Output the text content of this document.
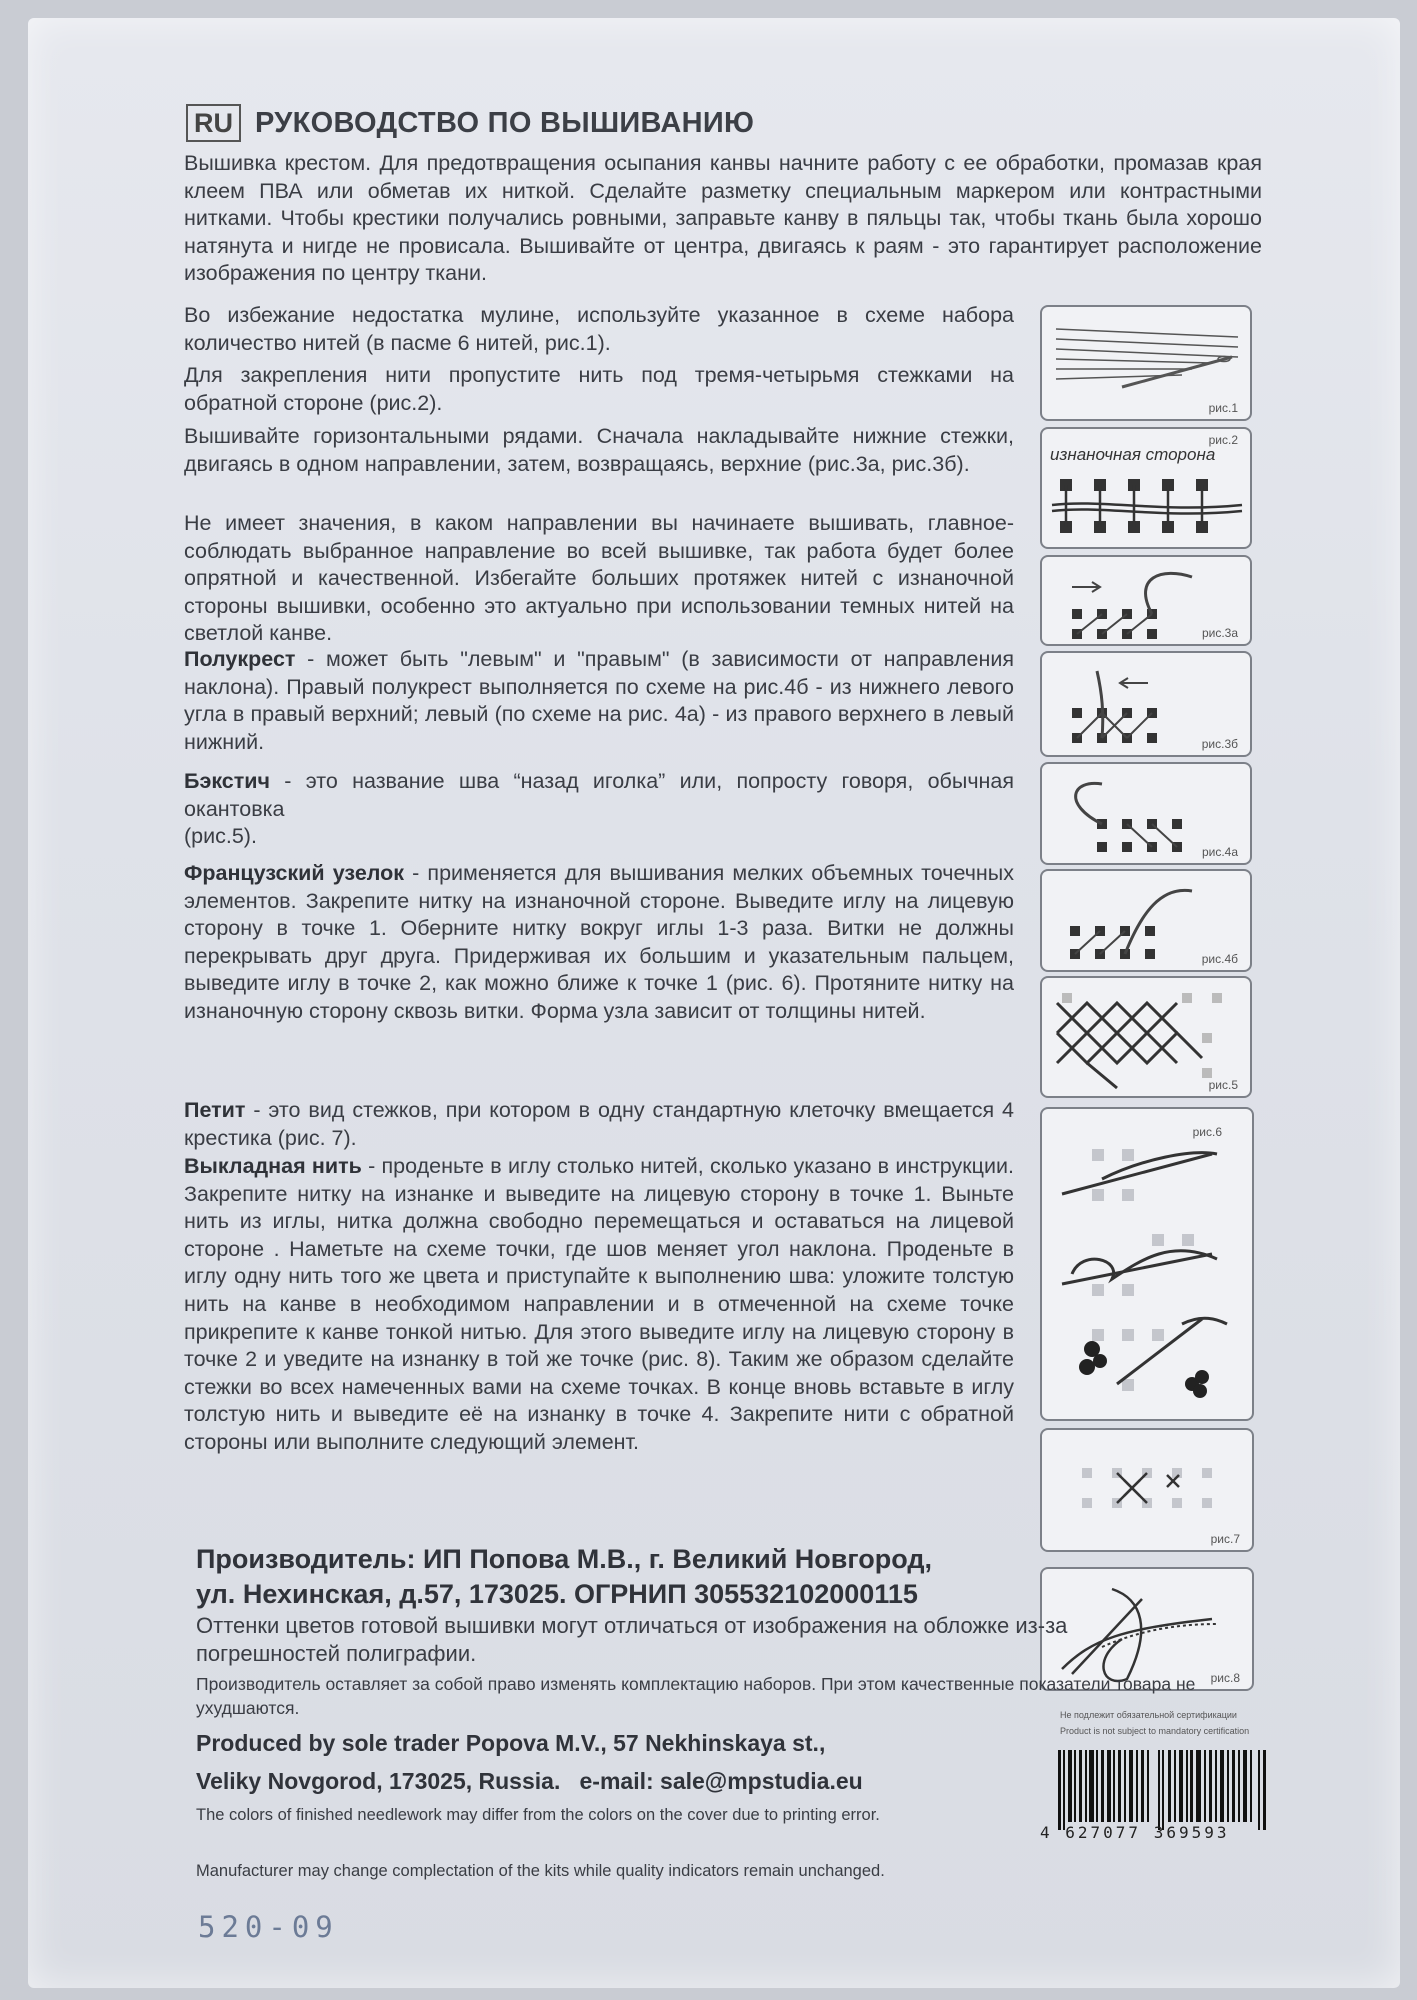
RU РУКОВОДСТВО ПО ВЫШИВАНИЮ

Вышивка крестом. Для предотвращения осыпания канвы начните работу с ее обработки, промазав края клеем ПВА или обметав их ниткой. Сделайте разметку специальным маркером или контрастными нитками. Чтобы крестики получались ровными, заправьте канву в пяльцы так, чтобы ткань была хорошо натянута и нигде не провисала. Вышивайте от центра, двигаясь к раям - это гарантирует расположение изображения по центру ткани.

Во избежание недостатка мулине, используйте указанное в схеме набора количество нитей (в пасме 6 нитей, рис.1).

Для закрепления нити пропустите нить под тремя-четырьмя стежками на обратной стороне (рис.2).

Вышивайте горизонтальными рядами. Сначала накладывайте нижние стежки, двигаясь в одном направлении, затем, возвращаясь, верхние (рис.3а, рис.3б).

Не имеет значения, в каком направлении вы начинаете вышивать, главное-соблюдать выбранное направление во всей вышивке, так работа будет более опрятной и качественной. Избегайте больших протяжек нитей с изнаночной стороны вышивки, особенно это актуально при использовании темных нитей на светлой канве.

Полукрест - может быть "левым" и "правым" (в зависимости от направления наклона). Правый полукрест выполняется по схеме на рис.4б - из нижнего левого угла в правый верхний; левый (по схеме на рис. 4а) - из правого верхнего в левый нижний.

Бэкстич - это название шва “назад иголка” или, попросту говоря, обычная окантовка
(рис.5).

Французский узелок - применяется для вышивания мелких объемных точечных элементов. Закрепите нитку на изнаночной стороне. Выведите иглу на лицевую сторону в точке 1. Оберните нитку вокруг иглы 1-3 раза. Витки не должны перекрывать друг друга. Придерживая их большим и указательным пальцем, выведите иглу в точке 2, как можно ближе к точке 1 (рис. 6). Протяните нитку на изнаночную сторону сквозь витки. Форма узла зависит от толщины нитей.

Петит - это вид стежков, при котором в одну стандартную клеточку вмещается 4 крестика (рис. 7).

Выкладная нить - проденьте в иглу столько нитей, сколько указано в инструкции. Закрепите нитку на изнанке и выведите на лицевую сторону в точке 1. Выньте нить из иглы, нитка должна свободно перемещаться и оставаться на лицевой стороне . Наметьте на схеме точки, где шов меняет угол наклона. Проденьте в иглу одну нить того же цвета и приступайте к выполнению шва: уложите толстую нить на канве в необходимом направлении и в отмеченной на схеме точке прикрепите к канве тонкой нитью. Для этого выведите иглу на лицевую сторону в точке 2 и уведите на изнанку в той же точке (рис. 8). Таким же образом сделайте стежки во всех намеченных вами на схеме точках. В конце вновь вставьте в иглу толстую нить и выведите её на изнанку в точке 4. Закрепите нити с обратной стороны или выполните следующий элемент.

рис.1
рис.2
изнаночная сторона
рис.3а
рис.3б
рис.4а
рис.4б
рис.5
рис.6
рис.7
рис.8
Производитель: ИП Попова М.В., г. Великий Новгород,
ул. Нехинская, д.57, 173025. ОГРНИП 305532102000115

Оттенки цветов готовой вышивки могут отличаться от изображения на обложке из-за погрешностей полиграфии.

Производитель оставляет за собой право изменять комплектацию наборов. При этом качественные показатели товара не ухудшаются.

Produced by sole trader Popova M.V., 57 Nekhinskaya st.,
Veliky Novgorod, 173025, Russia. e-mail: sale@mpstudia.eu

The colors of finished needlework may differ from the colors on the cover due to printing error.

Manufacturer may change complectation of the kits while quality indicators remain unchanged.

Не подлежит обязательной сертификации
Product is not subject to mandatory certification
4 627077 369593
520-09
